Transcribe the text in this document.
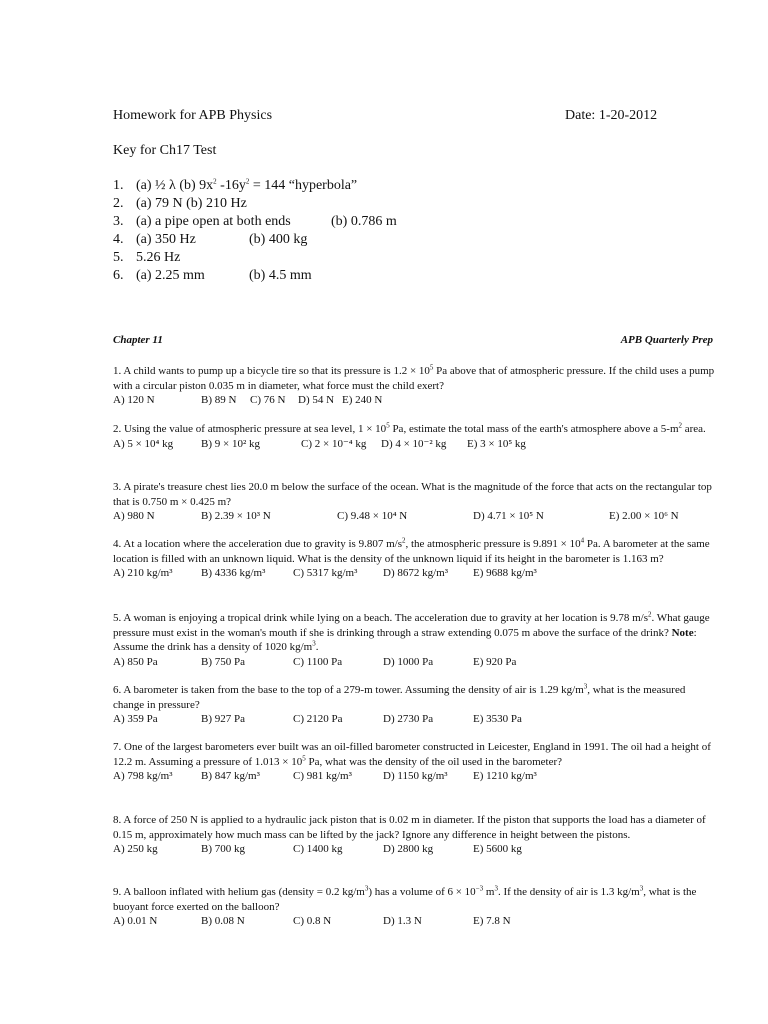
Homework for APB Physics	Date: 1-20-2012
Key for Ch17 Test
1. (a) ½ λ (b) $9x^2$ $-16y^2 = 144$ “hyperbola”
2. (a) 79 N (b) 210 Hz
3. (a) a pipe open at both ends	(b) 0.786 m
4. (a) 350 Hz	(b) 400 kg
5. 5.26 Hz
6. (a) 2.25 mm	(b) 4.5 mm
Chapter 11	APB Quarterly Prep

1. A child wants to pump up a bicycle tire so that its pressure is $1.2 \times 10^5$ Pa above that of atmospheric pressure. If the child uses a pump with a circular piston 0.035 m in diameter, what force must the child exert?

A) 120 N	B) 89 N C) 76 N D) 54 N E) 240 N

2. Using the value of atmospheric pressure at sea level, $1 \times 10^5$ Pa, estimate the total mass of the earth's atmosphere above a $5-m^2$ area.

A) 5 × 10⁴ kg	B) 9 × 10² kg	C) 2 × 10⁻⁴ kg D) 4 × 10⁻² kg E) 3 × 10⁵ kg

3. A pirate's treasure chest lies 20.0 m below the surface of the ocean. What is the magnitude of the force that acts on the rectangular top that is 0.750 m × 0.425 m?

A) 980 N	B) 2.39 × 10³ N	C) 9.48 × 10⁴ N	D) 4.71 × 10⁵ N	E) 2.00 × 10⁶ N

4. At a location where the acceleration due to gravity is 9.807 $m/s^2$, the atmospheric pressure is $9.891 \times 10^4$ Pa. A barometer at the same location is filled with an unknown liquid. What is the density of the unknown liquid if its height in the barometer is 1.163 m?

A) 210 kg/m³	B) 4336 kg/m³	C) 5317 kg/m³ D) 8672 kg/m³ E) 9688 kg/m³

5. A woman is enjoying a tropical drink while lying on a beach. The acceleration due to gravity at her location is 9.78 $m/s^2$. What gauge pressure must exist in the woman's mouth if she is drinking through a straw extending 0.075 m above the surface of the drink? Note: Assume the drink has a density of 1020 $kg/m^3$.

A) 850 Pa	B) 750 Pa	C) 1100 Pa	D) 1000 Pa	E) 920 Pa

6. A barometer is taken from the base to the top of a 279-m tower. Assuming the density of air is 1.29 $kg/m^3$, what is the measured change in pressure?

A) 359 Pa	B) 927 Pa	C) 2120 Pa	D) 2730 Pa	E) 3530 Pa

7. One of the largest barometers ever built was an oil-filled barometer constructed in Leicester, England in 1991. The oil had a height of 12.2 m. Assuming a pressure of $1.013 \times 10^5$ Pa, what was the density of the oil used in the barometer?

A) 798 kg/m³	B) 847 kg/m³	C) 981 kg/m³	D) 1150 kg/m³ E) 1210 kg/m³

8. A force of 250 N is applied to a hydraulic jack piston that is 0.02 m in diameter. If the piston that supports the load has a diameter of 0.15 m, approximately how much mass can be lifted by the jack? Ignore any difference in height between the pistons.

A) 250 kg	B) 700 kg	C) 1400 kg	D) 2800 kg	E) 5600 kg

9. A balloon inflated with helium gas (density = 0.2 $kg/m^3$) has a volume of $6 \times 10^{-3}$ $m^3$. If the density of air is 1.3 $kg/m^3$, what is the buoyant force exerted on the balloon?

A) 0.01 N	B) 0.08 N	C) 0.8 N	D) 1.3 N	E) 7.8 N
